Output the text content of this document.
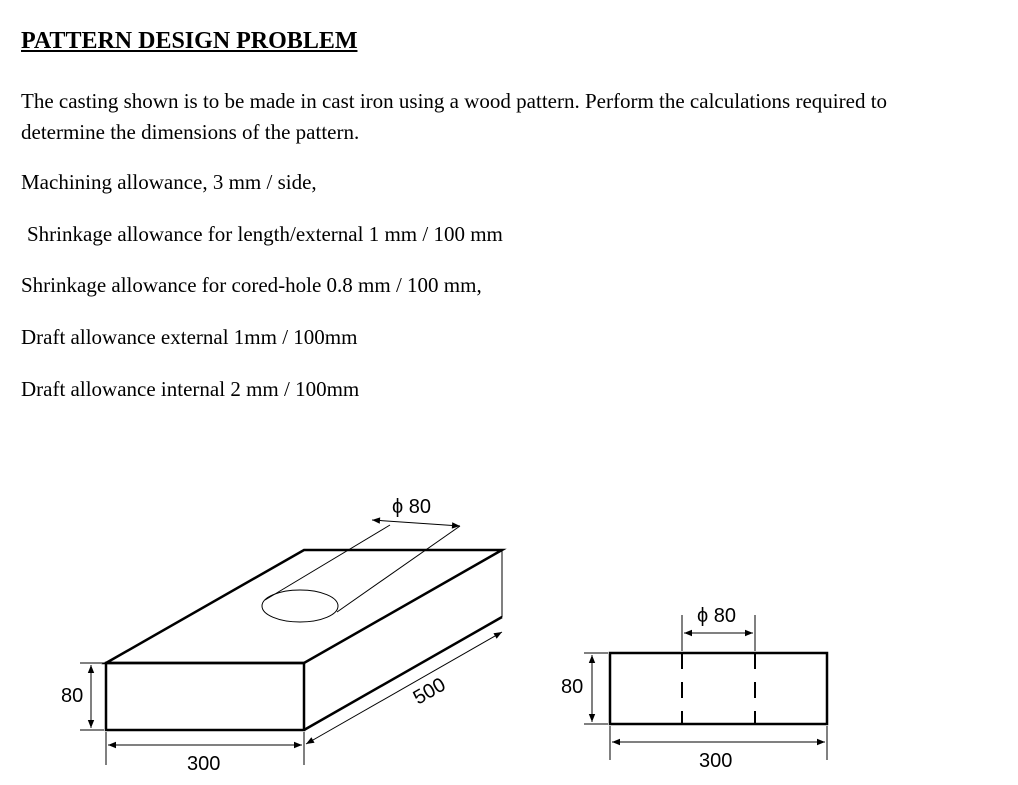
PATTERN DESIGN PROBLEM

The casting shown is to be made in cast iron using a wood pattern. Perform the calculations required to determine the dimensions of the pattern.

Machining allowance, 3 mm / side,

Shrinkage allowance for length/external 1 mm / 100 mm

Shrinkage allowance for cored-hole 0.8 mm / 100 mm,

Draft allowance external 1mm / 100mm

Draft allowance internal 2 mm / 100mm

ϕ 80
80
300
500
ϕ 80
80
300
